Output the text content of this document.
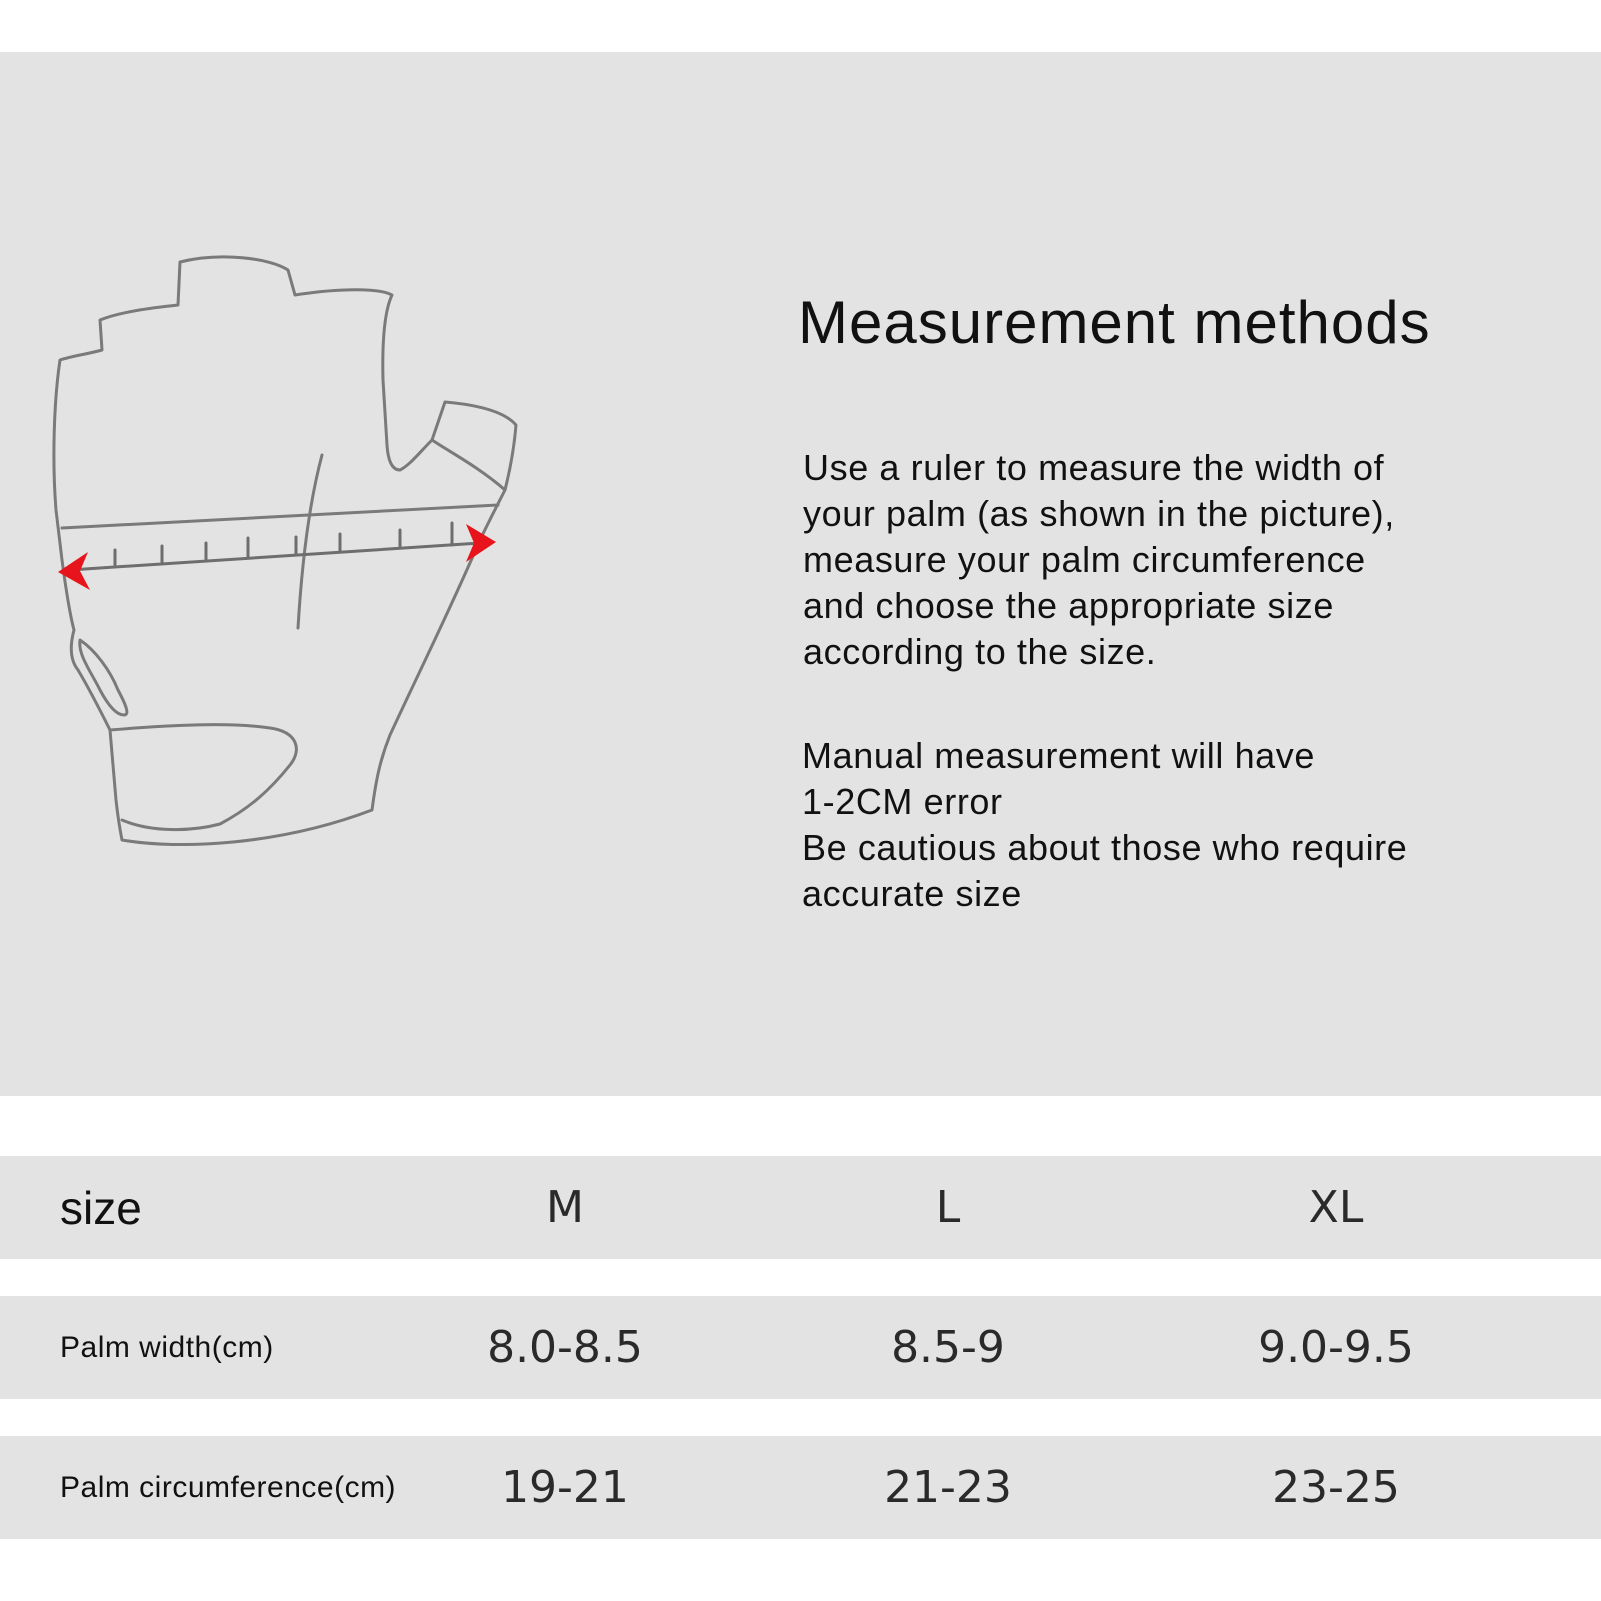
Measurement methods
Use a ruler to measure the width of
your palm (as shown in the picture),
measure your palm circumference
and choose the appropriate size
according to the size.
Manual measurement will have
1-2CM error
Be cautious about those who require
accurate size
size	M	L	XL
Palm width(cm)	8.0-8.5	8.5-9	9.0-9.5
Palm circumference(cm)	19-21	21-23	23-25
